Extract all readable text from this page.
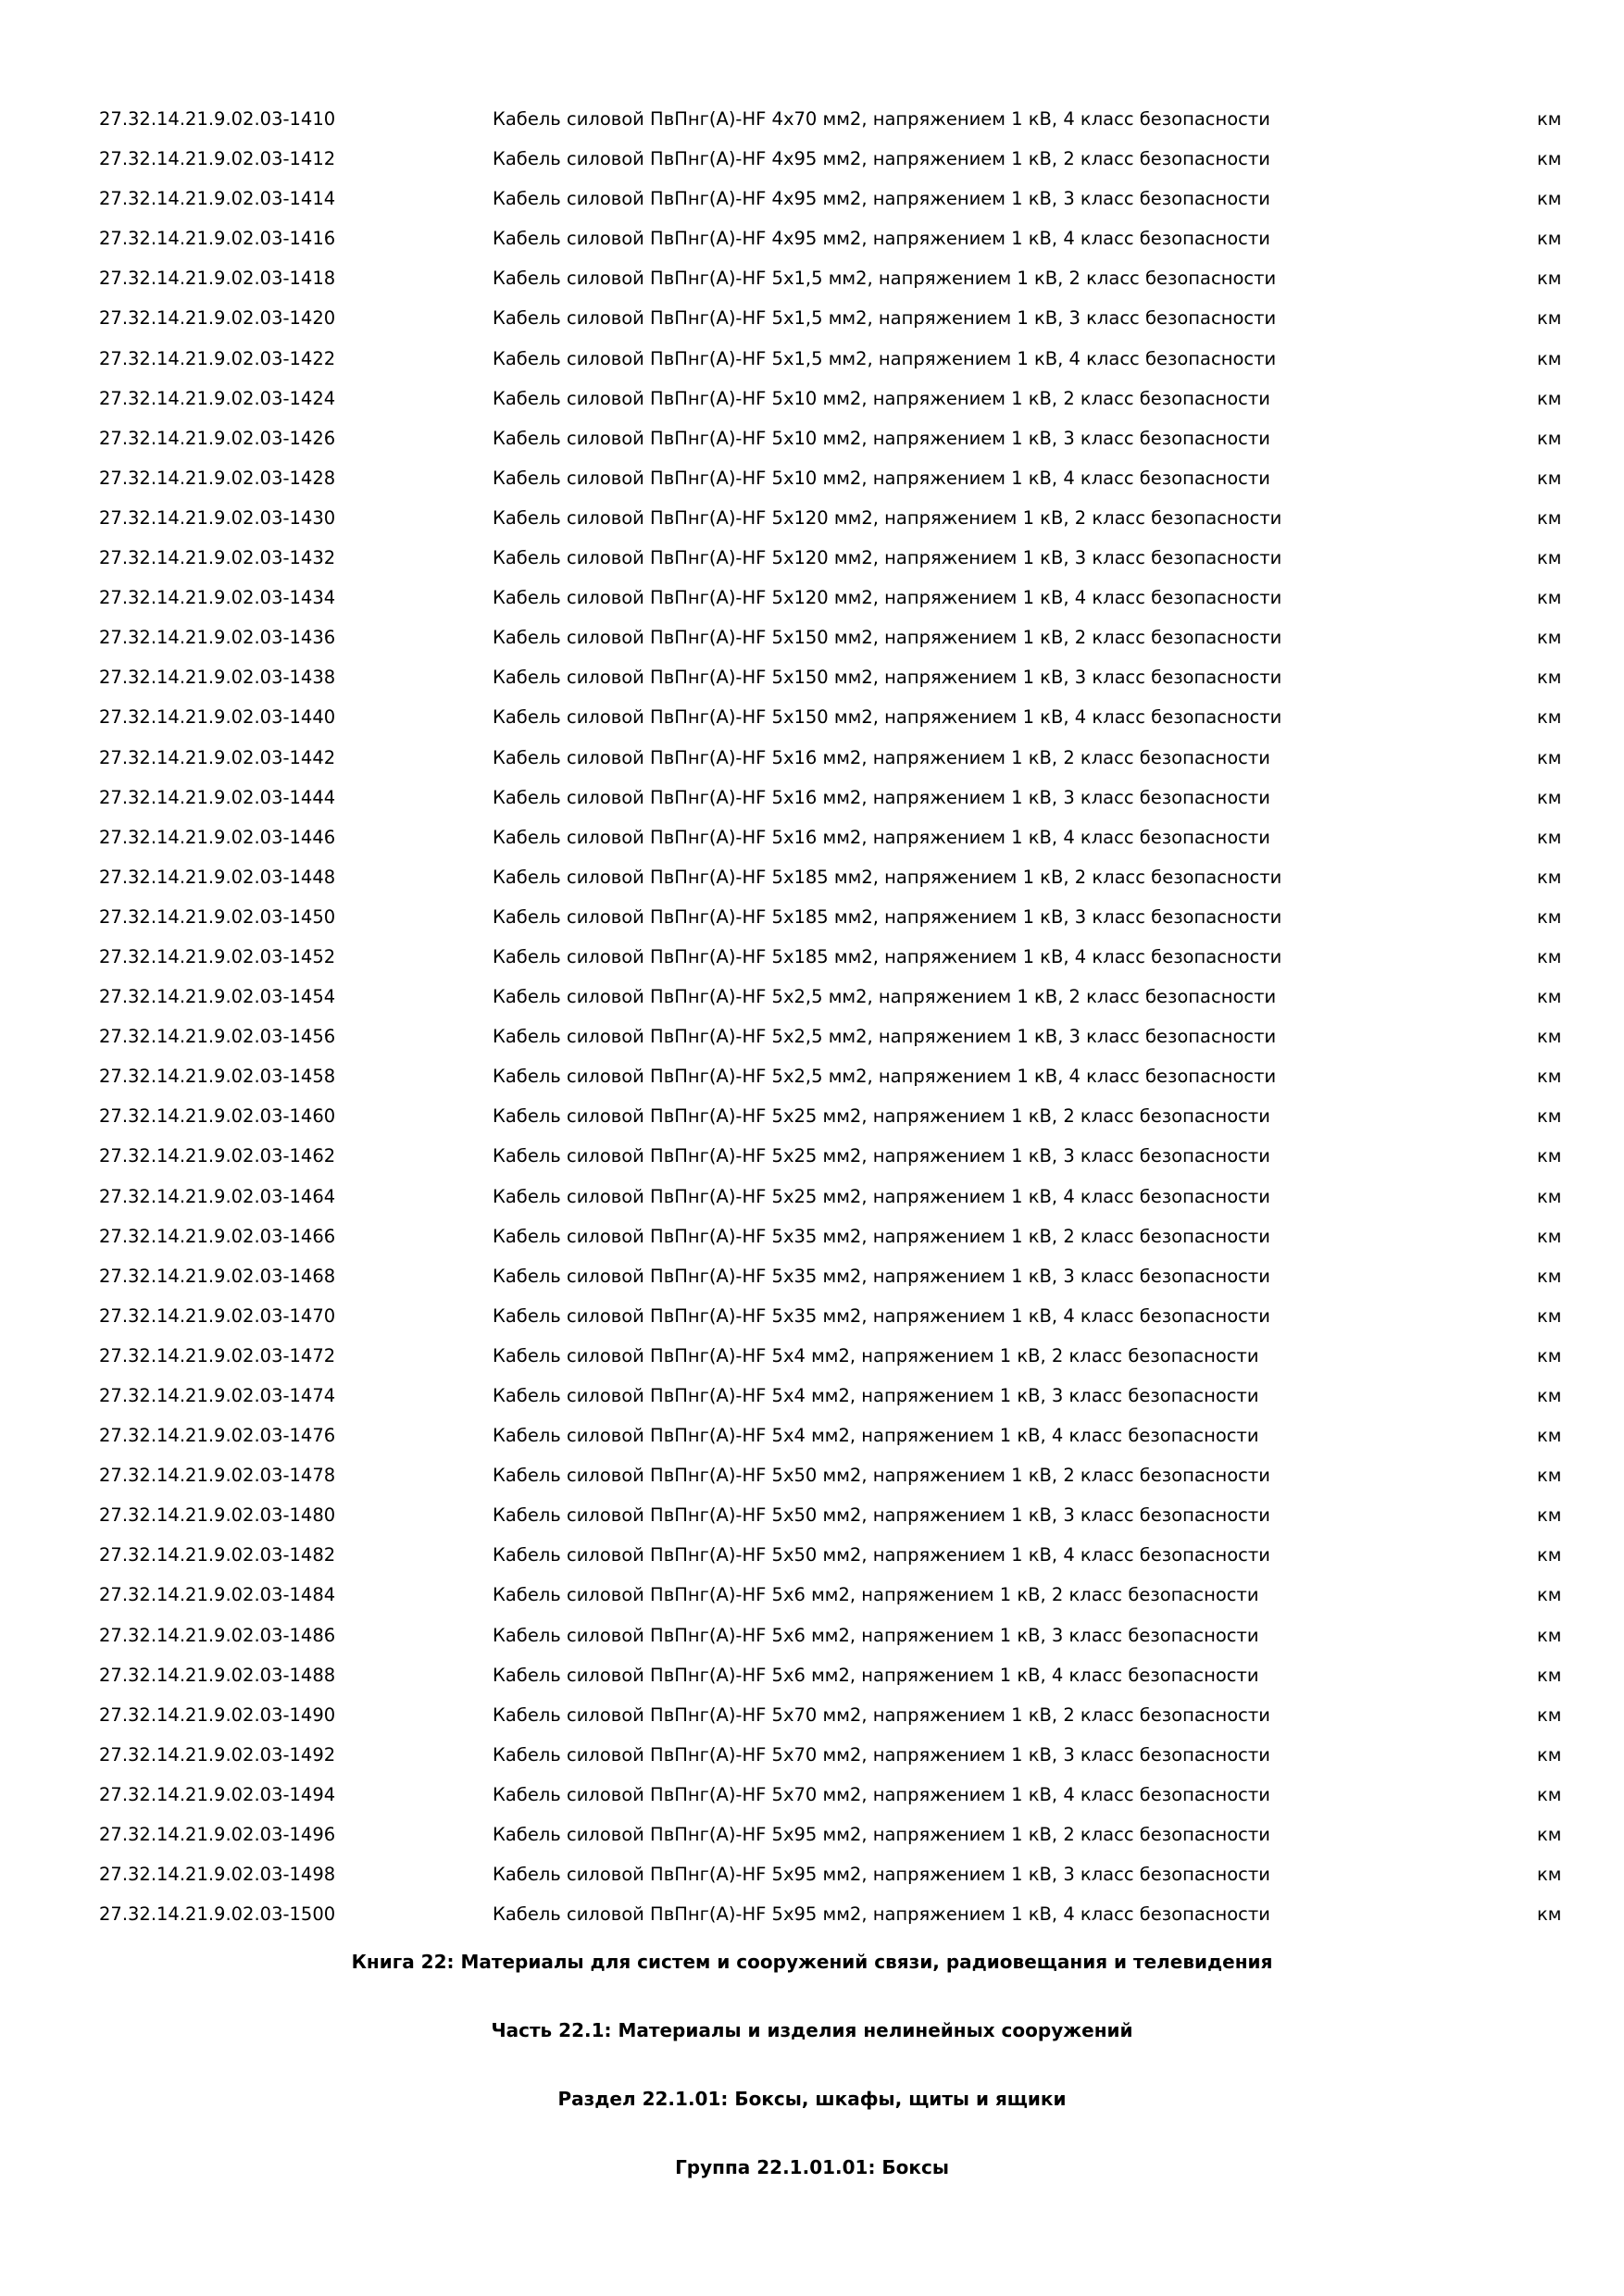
27.32.14.21.9.02.03-1410	Кабель силовой ПвПнг(А)-HF 4х70 мм2, напряжением 1 кВ, 4 класс безопасности	км
27.32.14.21.9.02.03-1412	Кабель силовой ПвПнг(А)-HF 4х95 мм2, напряжением 1 кВ, 2 класс безопасности	км
27.32.14.21.9.02.03-1414	Кабель силовой ПвПнг(А)-HF 4х95 мм2, напряжением 1 кВ, 3 класс безопасности	км
27.32.14.21.9.02.03-1416	Кабель силовой ПвПнг(А)-HF 4х95 мм2, напряжением 1 кВ, 4 класс безопасности	км
27.32.14.21.9.02.03-1418	Кабель силовой ПвПнг(А)-HF 5х1,5 мм2, напряжением 1 кВ, 2 класс безопасности	км
27.32.14.21.9.02.03-1420	Кабель силовой ПвПнг(А)-HF 5х1,5 мм2, напряжением 1 кВ, 3 класс безопасности	км
27.32.14.21.9.02.03-1422	Кабель силовой ПвПнг(А)-HF 5х1,5 мм2, напряжением 1 кВ, 4 класс безопасности	км
27.32.14.21.9.02.03-1424	Кабель силовой ПвПнг(А)-HF 5х10 мм2, напряжением 1 кВ, 2 класс безопасности	км
27.32.14.21.9.02.03-1426	Кабель силовой ПвПнг(А)-HF 5х10 мм2, напряжением 1 кВ, 3 класс безопасности	км
27.32.14.21.9.02.03-1428	Кабель силовой ПвПнг(А)-HF 5х10 мм2, напряжением 1 кВ, 4 класс безопасности	км
27.32.14.21.9.02.03-1430	Кабель силовой ПвПнг(А)-HF 5х120 мм2, напряжением 1 кВ, 2 класс безопасности	км
27.32.14.21.9.02.03-1432	Кабель силовой ПвПнг(А)-HF 5х120 мм2, напряжением 1 кВ, 3 класс безопасности	км
27.32.14.21.9.02.03-1434	Кабель силовой ПвПнг(А)-HF 5х120 мм2, напряжением 1 кВ, 4 класс безопасности	км
27.32.14.21.9.02.03-1436	Кабель силовой ПвПнг(А)-HF 5х150 мм2, напряжением 1 кВ, 2 класс безопасности	км
27.32.14.21.9.02.03-1438	Кабель силовой ПвПнг(А)-HF 5х150 мм2, напряжением 1 кВ, 3 класс безопасности	км
27.32.14.21.9.02.03-1440	Кабель силовой ПвПнг(А)-HF 5х150 мм2, напряжением 1 кВ, 4 класс безопасности	км
27.32.14.21.9.02.03-1442	Кабель силовой ПвПнг(А)-HF 5х16 мм2, напряжением 1 кВ, 2 класс безопасности	км
27.32.14.21.9.02.03-1444	Кабель силовой ПвПнг(А)-HF 5х16 мм2, напряжением 1 кВ, 3 класс безопасности	км
27.32.14.21.9.02.03-1446	Кабель силовой ПвПнг(А)-HF 5х16 мм2, напряжением 1 кВ, 4 класс безопасности	км
27.32.14.21.9.02.03-1448	Кабель силовой ПвПнг(А)-HF 5х185 мм2, напряжением 1 кВ, 2 класс безопасности	км
27.32.14.21.9.02.03-1450	Кабель силовой ПвПнг(А)-HF 5х185 мм2, напряжением 1 кВ, 3 класс безопасности	км
27.32.14.21.9.02.03-1452	Кабель силовой ПвПнг(А)-HF 5х185 мм2, напряжением 1 кВ, 4 класс безопасности	км
27.32.14.21.9.02.03-1454	Кабель силовой ПвПнг(А)-HF 5х2,5 мм2, напряжением 1 кВ, 2 класс безопасности	км
27.32.14.21.9.02.03-1456	Кабель силовой ПвПнг(А)-HF 5х2,5 мм2, напряжением 1 кВ, 3 класс безопасности	км
27.32.14.21.9.02.03-1458	Кабель силовой ПвПнг(А)-HF 5х2,5 мм2, напряжением 1 кВ, 4 класс безопасности	км
27.32.14.21.9.02.03-1460	Кабель силовой ПвПнг(А)-HF 5х25 мм2, напряжением 1 кВ, 2 класс безопасности	км
27.32.14.21.9.02.03-1462	Кабель силовой ПвПнг(А)-HF 5х25 мм2, напряжением 1 кВ, 3 класс безопасности	км
27.32.14.21.9.02.03-1464	Кабель силовой ПвПнг(А)-HF 5х25 мм2, напряжением 1 кВ, 4 класс безопасности	км
27.32.14.21.9.02.03-1466	Кабель силовой ПвПнг(А)-HF 5х35 мм2, напряжением 1 кВ, 2 класс безопасности	км
27.32.14.21.9.02.03-1468	Кабель силовой ПвПнг(А)-HF 5х35 мм2, напряжением 1 кВ, 3 класс безопасности	км
27.32.14.21.9.02.03-1470	Кабель силовой ПвПнг(А)-HF 5х35 мм2, напряжением 1 кВ, 4 класс безопасности	км
27.32.14.21.9.02.03-1472	Кабель силовой ПвПнг(А)-HF 5х4 мм2, напряжением 1 кВ, 2 класс безопасности	км
27.32.14.21.9.02.03-1474	Кабель силовой ПвПнг(А)-HF 5х4 мм2, напряжением 1 кВ, 3 класс безопасности	км
27.32.14.21.9.02.03-1476	Кабель силовой ПвПнг(А)-HF 5х4 мм2, напряжением 1 кВ, 4 класс безопасности	км
27.32.14.21.9.02.03-1478	Кабель силовой ПвПнг(А)-HF 5х50 мм2, напряжением 1 кВ, 2 класс безопасности	км
27.32.14.21.9.02.03-1480	Кабель силовой ПвПнг(А)-HF 5х50 мм2, напряжением 1 кВ, 3 класс безопасности	км
27.32.14.21.9.02.03-1482	Кабель силовой ПвПнг(А)-HF 5х50 мм2, напряжением 1 кВ, 4 класс безопасности	км
27.32.14.21.9.02.03-1484	Кабель силовой ПвПнг(А)-HF 5х6 мм2, напряжением 1 кВ, 2 класс безопасности	км
27.32.14.21.9.02.03-1486	Кабель силовой ПвПнг(А)-HF 5х6 мм2, напряжением 1 кВ, 3 класс безопасности	км
27.32.14.21.9.02.03-1488	Кабель силовой ПвПнг(А)-HF 5х6 мм2, напряжением 1 кВ, 4 класс безопасности	км
27.32.14.21.9.02.03-1490	Кабель силовой ПвПнг(А)-HF 5х70 мм2, напряжением 1 кВ, 2 класс безопасности	км
27.32.14.21.9.02.03-1492	Кабель силовой ПвПнг(А)-HF 5х70 мм2, напряжением 1 кВ, 3 класс безопасности	км
27.32.14.21.9.02.03-1494	Кабель силовой ПвПнг(А)-HF 5х70 мм2, напряжением 1 кВ, 4 класс безопасности	км
27.32.14.21.9.02.03-1496	Кабель силовой ПвПнг(А)-HF 5х95 мм2, напряжением 1 кВ, 2 класс безопасности	км
27.32.14.21.9.02.03-1498	Кабель силовой ПвПнг(А)-HF 5х95 мм2, напряжением 1 кВ, 3 класс безопасности	км
27.32.14.21.9.02.03-1500	Кабель силовой ПвПнг(А)-HF 5х95 мм2, напряжением 1 кВ, 4 класс безопасности	км
Книга 22: Материалы для систем и сооружений связи, радиовещания и телевидения
Часть 22.1: Материалы и изделия нелинейных сооружений
Раздел 22.1.01: Боксы, шкафы, щиты и ящики
Группа 22.1.01.01: Боксы
